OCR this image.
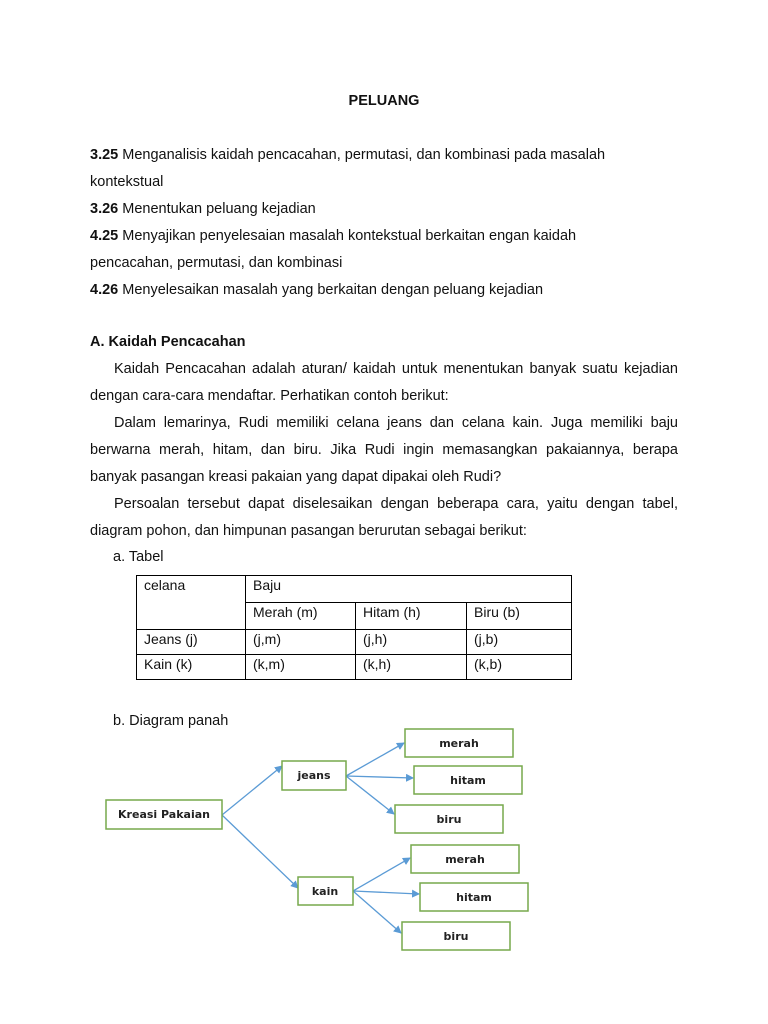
PELUANG
3.25 Menganalisis kaidah pencacahan, permutasi, dan kombinasi pada masalah
kontekstual
3.26 Menentukan peluang kejadian
4.25 Menyajikan penyelesaian masalah kontekstual berkaitan engan kaidah
pencacahan, permutasi, dan kombinasi
4.26 Menyelesaikan masalah yang berkaitan dengan peluang kejadian
A. Kaidah Pencacahan
Kaidah Pencacahan adalah aturan/ kaidah untuk menentukan banyak suatu kejadian
dengan cara-cara mendaftar. Perhatikan contoh berikut:
Dalam lemarinya, Rudi memiliki celana jeans dan celana kain. Juga memiliki baju
berwarna merah, hitam, dan biru. Jika Rudi ingin memasangkan pakaiannya, berapa
banyak pasangan kreasi pakaian yang dapat dipakai oleh Rudi?
Persoalan tersebut dapat diselesaikan dengan beberapa cara, yaitu dengan tabel,
diagram pohon, dan himpunan pasangan berurutan sebagai berikut:
a. Tabel
celana	Baju		
	Merah (m)	Hitam (h)	Biru (b)
Jeans (j)	(j,m)	(j,h)	(j,b)
Kain (k)	(k,m)	(k,h)	(k,b)
b. Diagram panah
Kreasi Pakaian
jeans
kain
merah
hitam
biru
merah
hitam
biru
